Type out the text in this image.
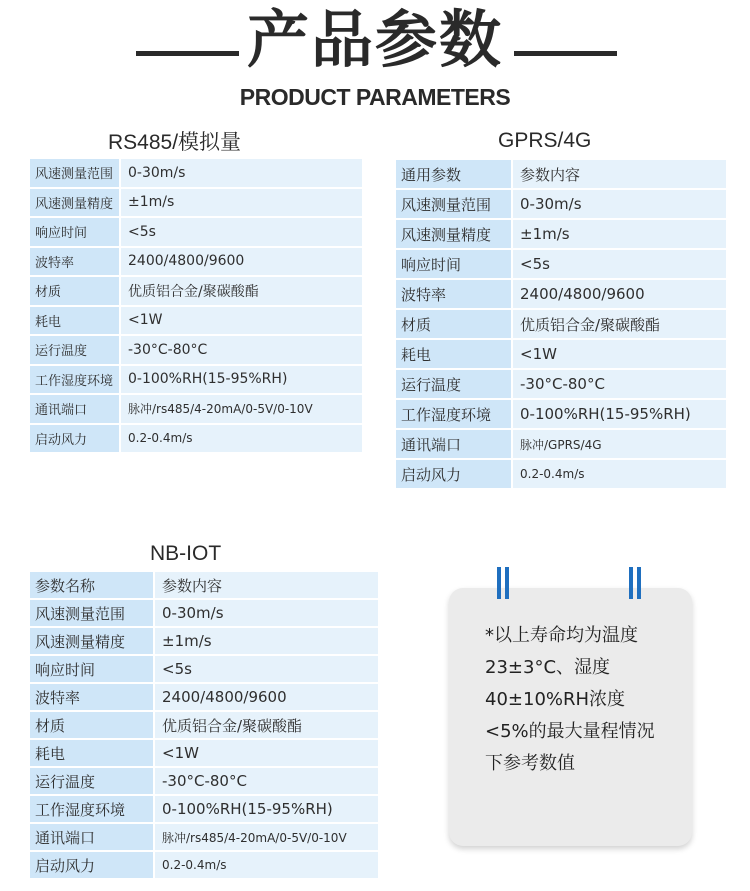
产品参数
PRODUCT PARAMETERS
RS485/模拟量
风速测量范围	0-30m/s
风速测量精度	±1m/s
响应时间	<5s
波特率	2400/4800/9600
材质	优质铝合金/聚碳酸酯
耗电	<1W
运行温度	-30°C-80°C
工作湿度环境	0-100%RH(15-95%RH)
通讯端口	脉冲/rs485/4-20mA/0-5V/0-10V
启动风力	0.2-0.4m/s
GPRS/4G
通用参数	参数内容
风速测量范围	0-30m/s
风速测量精度	±1m/s
响应时间	<5s
波特率	2400/4800/9600
材质	优质铝合金/聚碳酸酯
耗电	<1W
运行温度	-30°C-80°C
工作湿度环境	0-100%RH(15-95%RH)
通讯端口	脉冲/GPRS/4G
启动风力	0.2-0.4m/s
NB-IOT
参数名称	参数内容
风速测量范围	0-30m/s
风速测量精度	±1m/s
响应时间	<5s
波特率	2400/4800/9600
材质	优质铝合金/聚碳酸酯
耗电	<1W
运行温度	-30°C-80°C
工作湿度环境	0-100%RH(15-95%RH)
通讯端口	脉冲/rs485/4-20mA/0-5V/0-10V
启动风力	0.2-0.4m/s
*以上寿命均为温度23±3°C、湿度40±10%RH浓度<5%的最大量程情况下参考数值
